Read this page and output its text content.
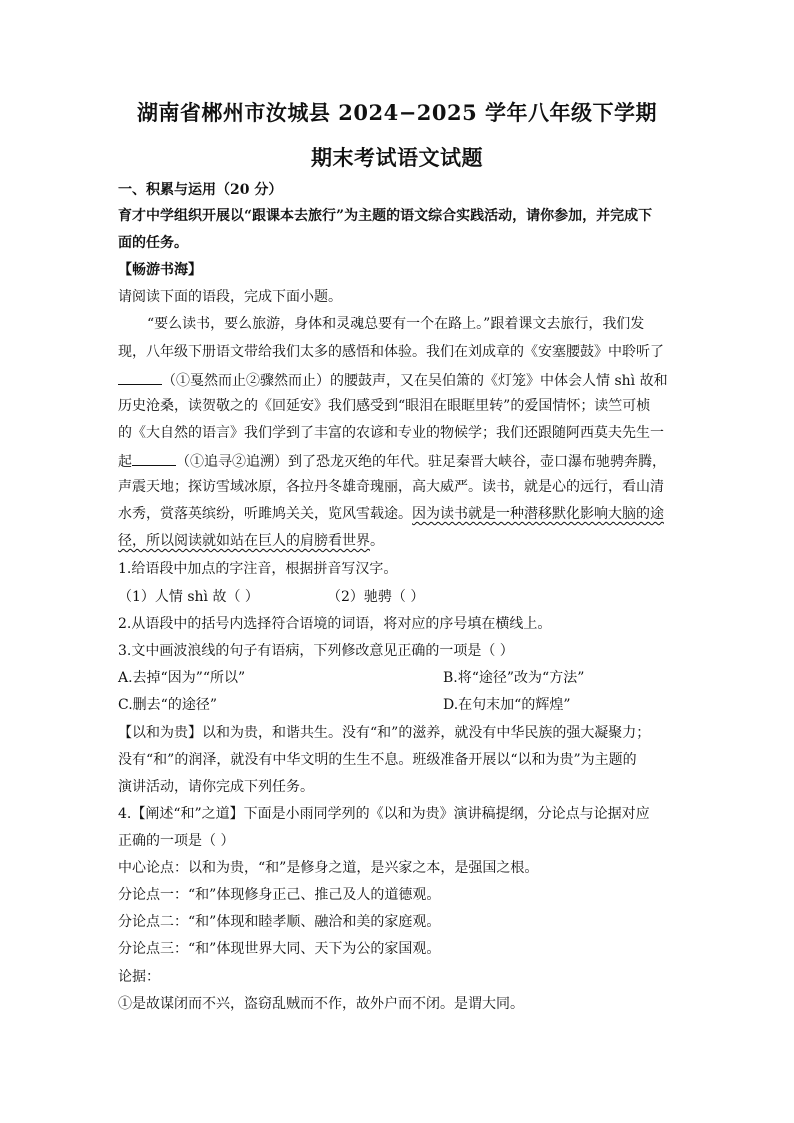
湖南省郴州市汝城县 2024−2025 学年八年级下学期
期末考试语文试题
一、积累与运用（20 分）
育才中学组织开展以“跟课本去旅行”为主题的语文综合实践活动，请你参加，并完成下
面的任务。
【畅游书海】
请阅读下面的语段，完成下面小题。
“要么读书，要么旅游，身体和灵魂总要有一个在路上。”跟着课文去旅行，我们发
现，八年级下册语文带给我们太多的感悟和体验。我们在刘成章的《安塞腰鼓》中聆听了
（①戛然而止②骤然而止）的腰鼓声，又在吴伯箫的《灯笼》中体会人情 shì 故和
历史沧桑，读贺敬之的《回延安》我们感受到“眼泪在眼眶里转”的爱国情怀；读竺可桢
的《大自然的语言》我们学到了丰富的农谚和专业的物候学；我们还跟随阿西莫夫先生一
起	（①追寻②追溯）到了恐龙灭绝的年代。驻足秦晋大峡谷，壶口瀑布驰骋奔腾，
声震天地；探访雪域冰原，各拉丹冬雄奇瑰丽，高大威严。读书，就是心的远行，看山清
水秀，赏落英缤纷，听雎鸠关关，览风雪载途。因为读书就是一种潜移默化影响大脑的途
径，所以阅读就如站在巨人的肩膀看世界。
1.给语段中加点的字注音，根据拼音写汉字。
（1）人情 shì 故（ ）	（2）驰骋（ ）
2.从语段中的括号内选择符合语境的词语，将对应的序号填在横线上。
3.文中画波浪线的句子有语病，下列修改意见正确的一项是（ ）
A.去掉“因为”“所以”	B.将“途径”改为“方法”
C.删去“的途径”	D.在句末加“的辉煌”
【以和为贵】以和为贵，和谐共生。没有“和”的滋养，就没有中华民族的强大凝聚力；
没有“和”的润泽，就没有中华文明的生生不息。班级准备开展以“以和为贵”为主题的
演讲活动，请你完成下列任务。
4.【阐述“和”之道】下面是小雨同学列的《以和为贵》演讲稿提纲，分论点与论据对应
正确的一项是（ ）
中心论点：以和为贵，“和”是修身之道，是兴家之本，是强国之根。
分论点一：“和”体现修身正己、推己及人的道德观。
分论点二：“和”体现和睦孝顺、融洽和美的家庭观。
分论点三：“和”体现世界大同、天下为公的家国观。
论据：
①是故谋闭而不兴，盗窃乱贼而不作，故外户而不闭。是谓大同。
